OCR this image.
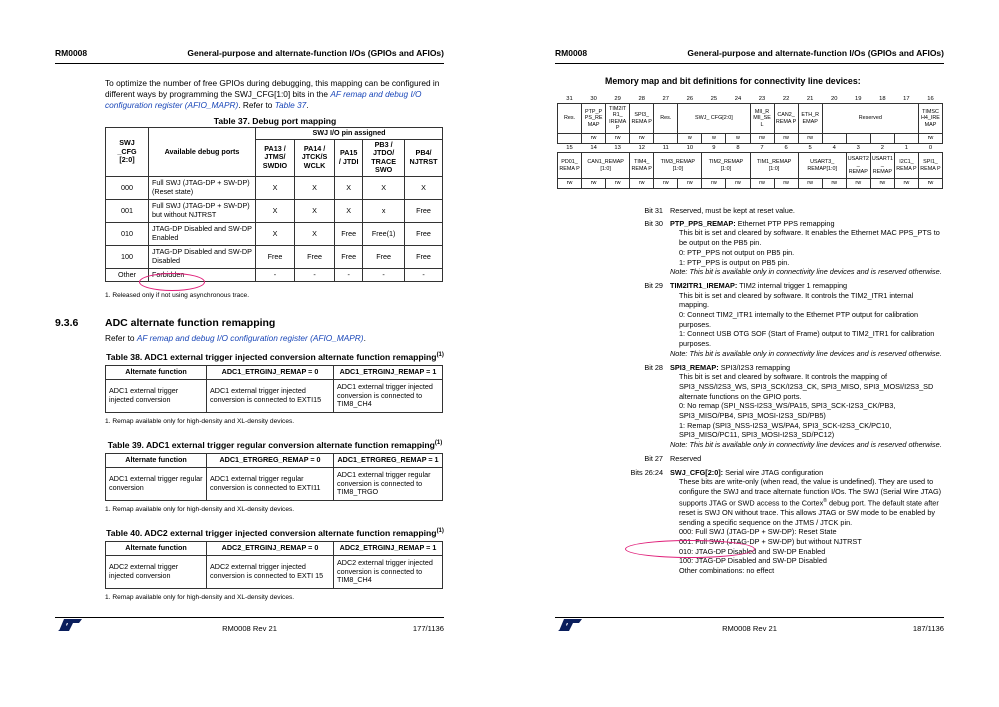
RM0008	General-purpose and alternate-function I/Os (GPIOs and AFIOs)
To optimize the number of free GPIOs during debugging, this mapping can be configured in different ways by programming the SWJ_CFG[1:0] bits in the AF remap and debug I/O configuration register (AFIO_MAPR). Refer to Table 37.
Table 37. Debug port mapping
SWJ _CFG [2:0]	Available debug ports	SWJ I/O pin assigned				
		PA13 / JTMS/ SWDIO	PA14 / JTCK/S WCLK	PA15 / JTDI	PB3 / JTDO/ TRACE SWO	PB4/ NJTRST
000	Full SWJ (JTAG-DP + SW-DP) (Reset state)	X	X	X	X	X
001	Full SWJ (JTAG-DP + SW-DP) but without NJTRST	X	X	X	x	Free
010	JTAG-DP Disabled and SW-DP Enabled	X	X	Free	Free(1)	Free
100	JTAG-DP Disabled and SW-DP Disabled	Free	Free	Free	Free	Free
Other	Forbidden	-	-	-	-	-
1. Released only if not using asynchronous trace.
9.3.6	ADC alternate function remapping
Refer to AF remap and debug I/O configuration register (AFIO_MAPR).
Table 38. ADC1 external trigger injected conversion alternate function remapping$^{(1)}$
Alternate function	ADC1_ETRGINJ_REMAP = 0	ADC1_ETRGINJ_REMAP = 1
ADC1 external trigger injected conversion	ADC1 external trigger injected conversion is connected to EXTI15	ADC1 external trigger injected conversion is connected to TIM8_CH4
1. Remap available only for high-density and XL-density devices.
Table 39. ADC1 external trigger regular conversion alternate function remapping$^{(1)}$
Alternate function	ADC1_ETRGREG_REMAP = 0	ADC1_ETRGREG_REMAP = 1
ADC1 external trigger regular conversion	ADC1 external trigger regular conversion is connected to EXTI11	ADC1 external trigger regular conversion is connected to TIM8_TRGO
1. Remap available only for high-density and XL-density devices.
Table 40. ADC2 external trigger injected conversion alternate function remapping$^{(1)}$
Alternate function	ADC2_ETRGINJ_REMAP = 0	ADC2_ETRGINJ_REMAP = 1
ADC2 external trigger injected conversion	ADC2 external trigger injected conversion is connected to EXTI 15	ADC2 external trigger injected conversion is connected to TIM8_CH4
1. Remap available only for high-density and XL-density devices.
RM0008 Rev 21	177/1136
RM0008	General-purpose and alternate-function I/Os (GPIOs and AFIOs)
Memory map and bit definitions for connectivity line devices:
31	30	29	28	27	26	25	24	23	22	21	20	19	18	17	16
Res.	PTP_P PS_RE MAP	TIM2IT R1_ IREMA P	SPI3_ REMA P	Res.	SWJ_ CFG[2:0]			MII_R MII_SE L	CAN2_ REMA P	ETH_R EMAP	Reserved				TIMSC H4_IRE MAP
	rw	rw	rw		w	w	w	rw	rw	rw					rw
15	14	13	12	11	10	9	8	7	6	5	4	3	2	1	0
PD01_ REMA P	CAN1_REMAP [1:0]		TIM4_ REMA P	TIM3_REMAP [1:0]		TIM2_REMAP [1:0]		TIM1_REMAP [1:0]		USART3_ REMAP[1:0]		USART2 _ REMAP	USART1 _ REMAP	I2C1_ REMA P	SPI1_ REMA P
rw	rw	rw	rw	rw	rw	rw	rw	rw	rw	rw	rw	rw	rw	rw	rw
Bit 31 Reserved, must be kept at reset value.
Bit 30 PTP_PPS_REMAP: Ethernet PTP PPS remapping
This bit is set and cleared by software. It enables the Ethernet MAC PPS_PTS to be output on the PB5 pin.
0: PTP_PPS not output on PB5 pin.
1: PTP_PPS is output on PB5 pin.
Note: This bit is available only in connectivity line devices and is reserved otherwise.
Bit 29 TIM2ITR1_IREMAP: TIM2 internal trigger 1 remapping
This bit is set and cleared by software. It controls the TIM2_ITR1 internal mapping.
0: Connect TIM2_ITR1 internally to the Ethernet PTP output for calibration purposes.
1: Connect USB OTG SOF (Start of Frame) output to TIM2_ITR1 for calibration purposes.
Note: This bit is available only in connectivity line devices and is reserved otherwise.
Bit 28 SPI3_REMAP: SPI3/I2S3 remapping
This bit is set and cleared by software. It controls the mapping of SPI3_NSS/I2S3_WS, SPI3_SCK/I2S3_CK, SPI3_MISO, SPI3_MOSI/I2S3_SD alternate functions on the GPIO ports.
0: No remap (SPI_NSS-I2S3_WS/PA15, SPI3_SCK-I2S3_CK/PB3, SPI3_MISO/PB4, SPI3_MOSI-I2S3_SD/PB5)
1: Remap (SPI3_NSS-I2S3_WS/PA4, SPI3_SCK-I2S3_CK/PC10, SPI3_MISO/PC11, SPI3_MOSI-I2S3_SD/PC12)
Note: This bit is available only in connectivity line devices and is reserved otherwise.
Bit 27 Reserved
Bits 26:24 SWJ_CFG[2:0]: Serial wire JTAG configuration
These bits are write-only (when read, the value is undefined). They are used to configure the SWJ and trace alternate function I/Os. The SWJ (Serial Wire JTAG) supports JTAG or SWD access to the Cortex® debug port. The default state after reset is SWJ ON without trace. This allows JTAG or SW mode to be enabled by sending a specific sequence on the JTMS / JTCK pin.
000: Full SWJ (JTAG-DP + SW-DP): Reset State
001: Full SWJ (JTAG-DP + SW-DP) but without NJTRST
010: JTAG-DP Disabled and SW-DP Enabled
100: JTAG-DP Disabled and SW-DP Disabled
Other combinations: no effect
RM0008 Rev 21	187/1136
